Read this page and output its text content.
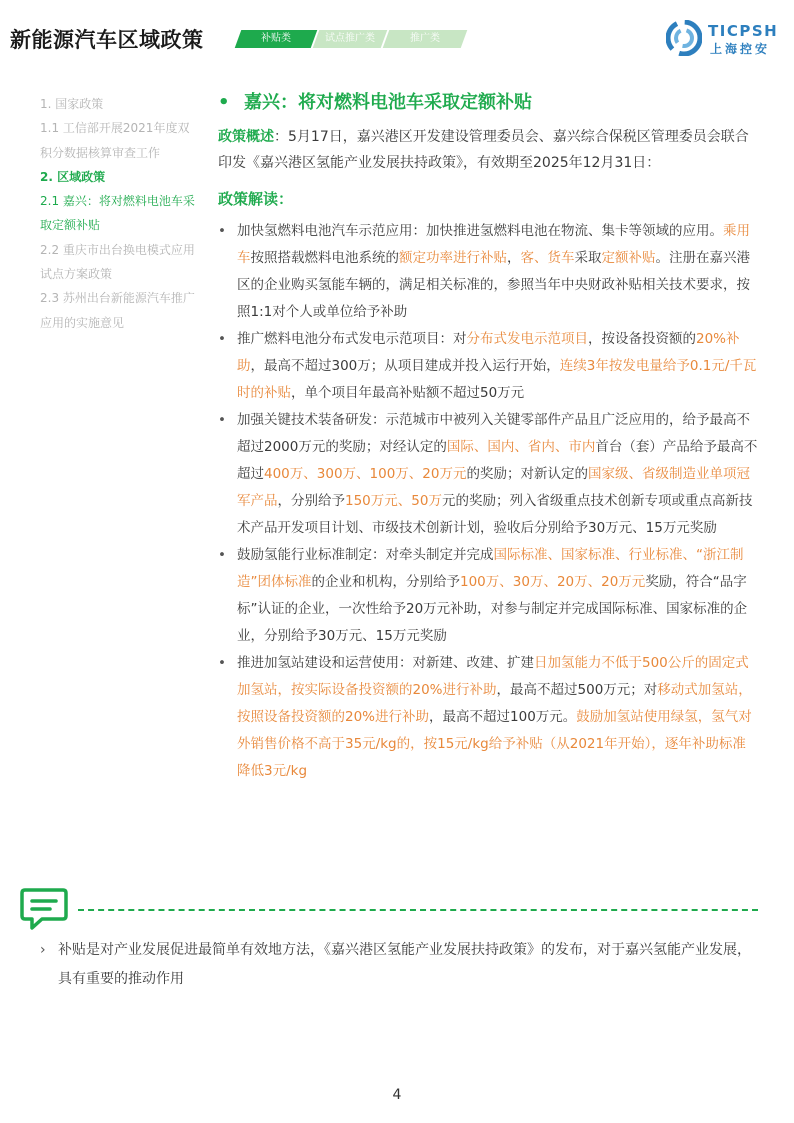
新能源汽车区域政策	补贴类	试点推广类	推广类	TICPSH
上海控安
1. 国家政策
1.1 工信部开展2021年度双积分数据核算审查工作
2. 区域政策
2.1 嘉兴：将对燃料电池车采取定额补贴
2.2 重庆市出台换电模式应用试点方案政策
2.3 苏州出台新能源汽车推广应用的实施意见
• 嘉兴：将对燃料电池车采取定额补贴
政策概述：5月17日，嘉兴港区开发建设管理委员会、嘉兴综合保税区管理委员会联合印发《嘉兴港区氢能产业发展扶持政策》，有效期至2025年12月31日：
政策解读：
• 加快氢燃料电池汽车示范应用：加快推进氢燃料电池在物流、集卡等领域的应用。乘用车按照搭载燃料电池系统的额定功率进行补贴，客、货车采取定额补贴。注册在嘉兴港区的企业购买氢能车辆的，满足相关标准的，参照当年中央财政补贴相关技术要求，按照1:1对个人或单位给予补助
• 推广燃料电池分布式发电示范项目：对分布式发电示范项目，按设备投资额的20%补助，最高不超过300万；从项目建成并投入运行开始，连续3年按发电量给予0.1元/千瓦时的补贴，单个项目年最高补贴额不超过50万元
• 加强关键技术装备研发：示范城市中被列入关键零部件产品且广泛应用的，给予最高不超过2000万元的奖励；对经认定的国际、国内、省内、市内首台（套）产品给予最高不超过400万、300万、100万、20万元的奖励；对新认定的国家级、省级制造业单项冠军产品，分别给予150万元、50万元的奖励；列入省级重点技术创新专项或重点高新技术产品开发项目计划、市级技术创新计划，验收后分别给予30万元、15万元奖励
• 鼓励氢能行业标准制定：对牵头制定并完成国际标准、国家标准、行业标准、“浙江制造”团体标准的企业和机构，分别给予100万、30万、20万、20万元奖励，符合“品字标”认证的企业，一次性给予20万元补助，对参与制定并完成国际标准、国家标准的企业，分别给予30万元、15万元奖励
• 推进加氢站建设和运营使用：对新建、改建、扩建日加氢能力不低于500公斤的固定式加氢站，按实际设备投资额的20%进行补助，最高不超过500万元；对移动式加氢站，按照设备投资额的20%进行补助，最高不超过100万元。鼓励加氢站使用绿氢，氢气对外销售价格不高于35元/kg的，按15元/kg给予补贴（从2021年开始），逐年补助标准降低3元/kg
› 补贴是对产业发展促进最简单有效地方法，《嘉兴港区氢能产业发展扶持政策》的发布，对于嘉兴氢能产业发展，具有重要的推动作用
4
